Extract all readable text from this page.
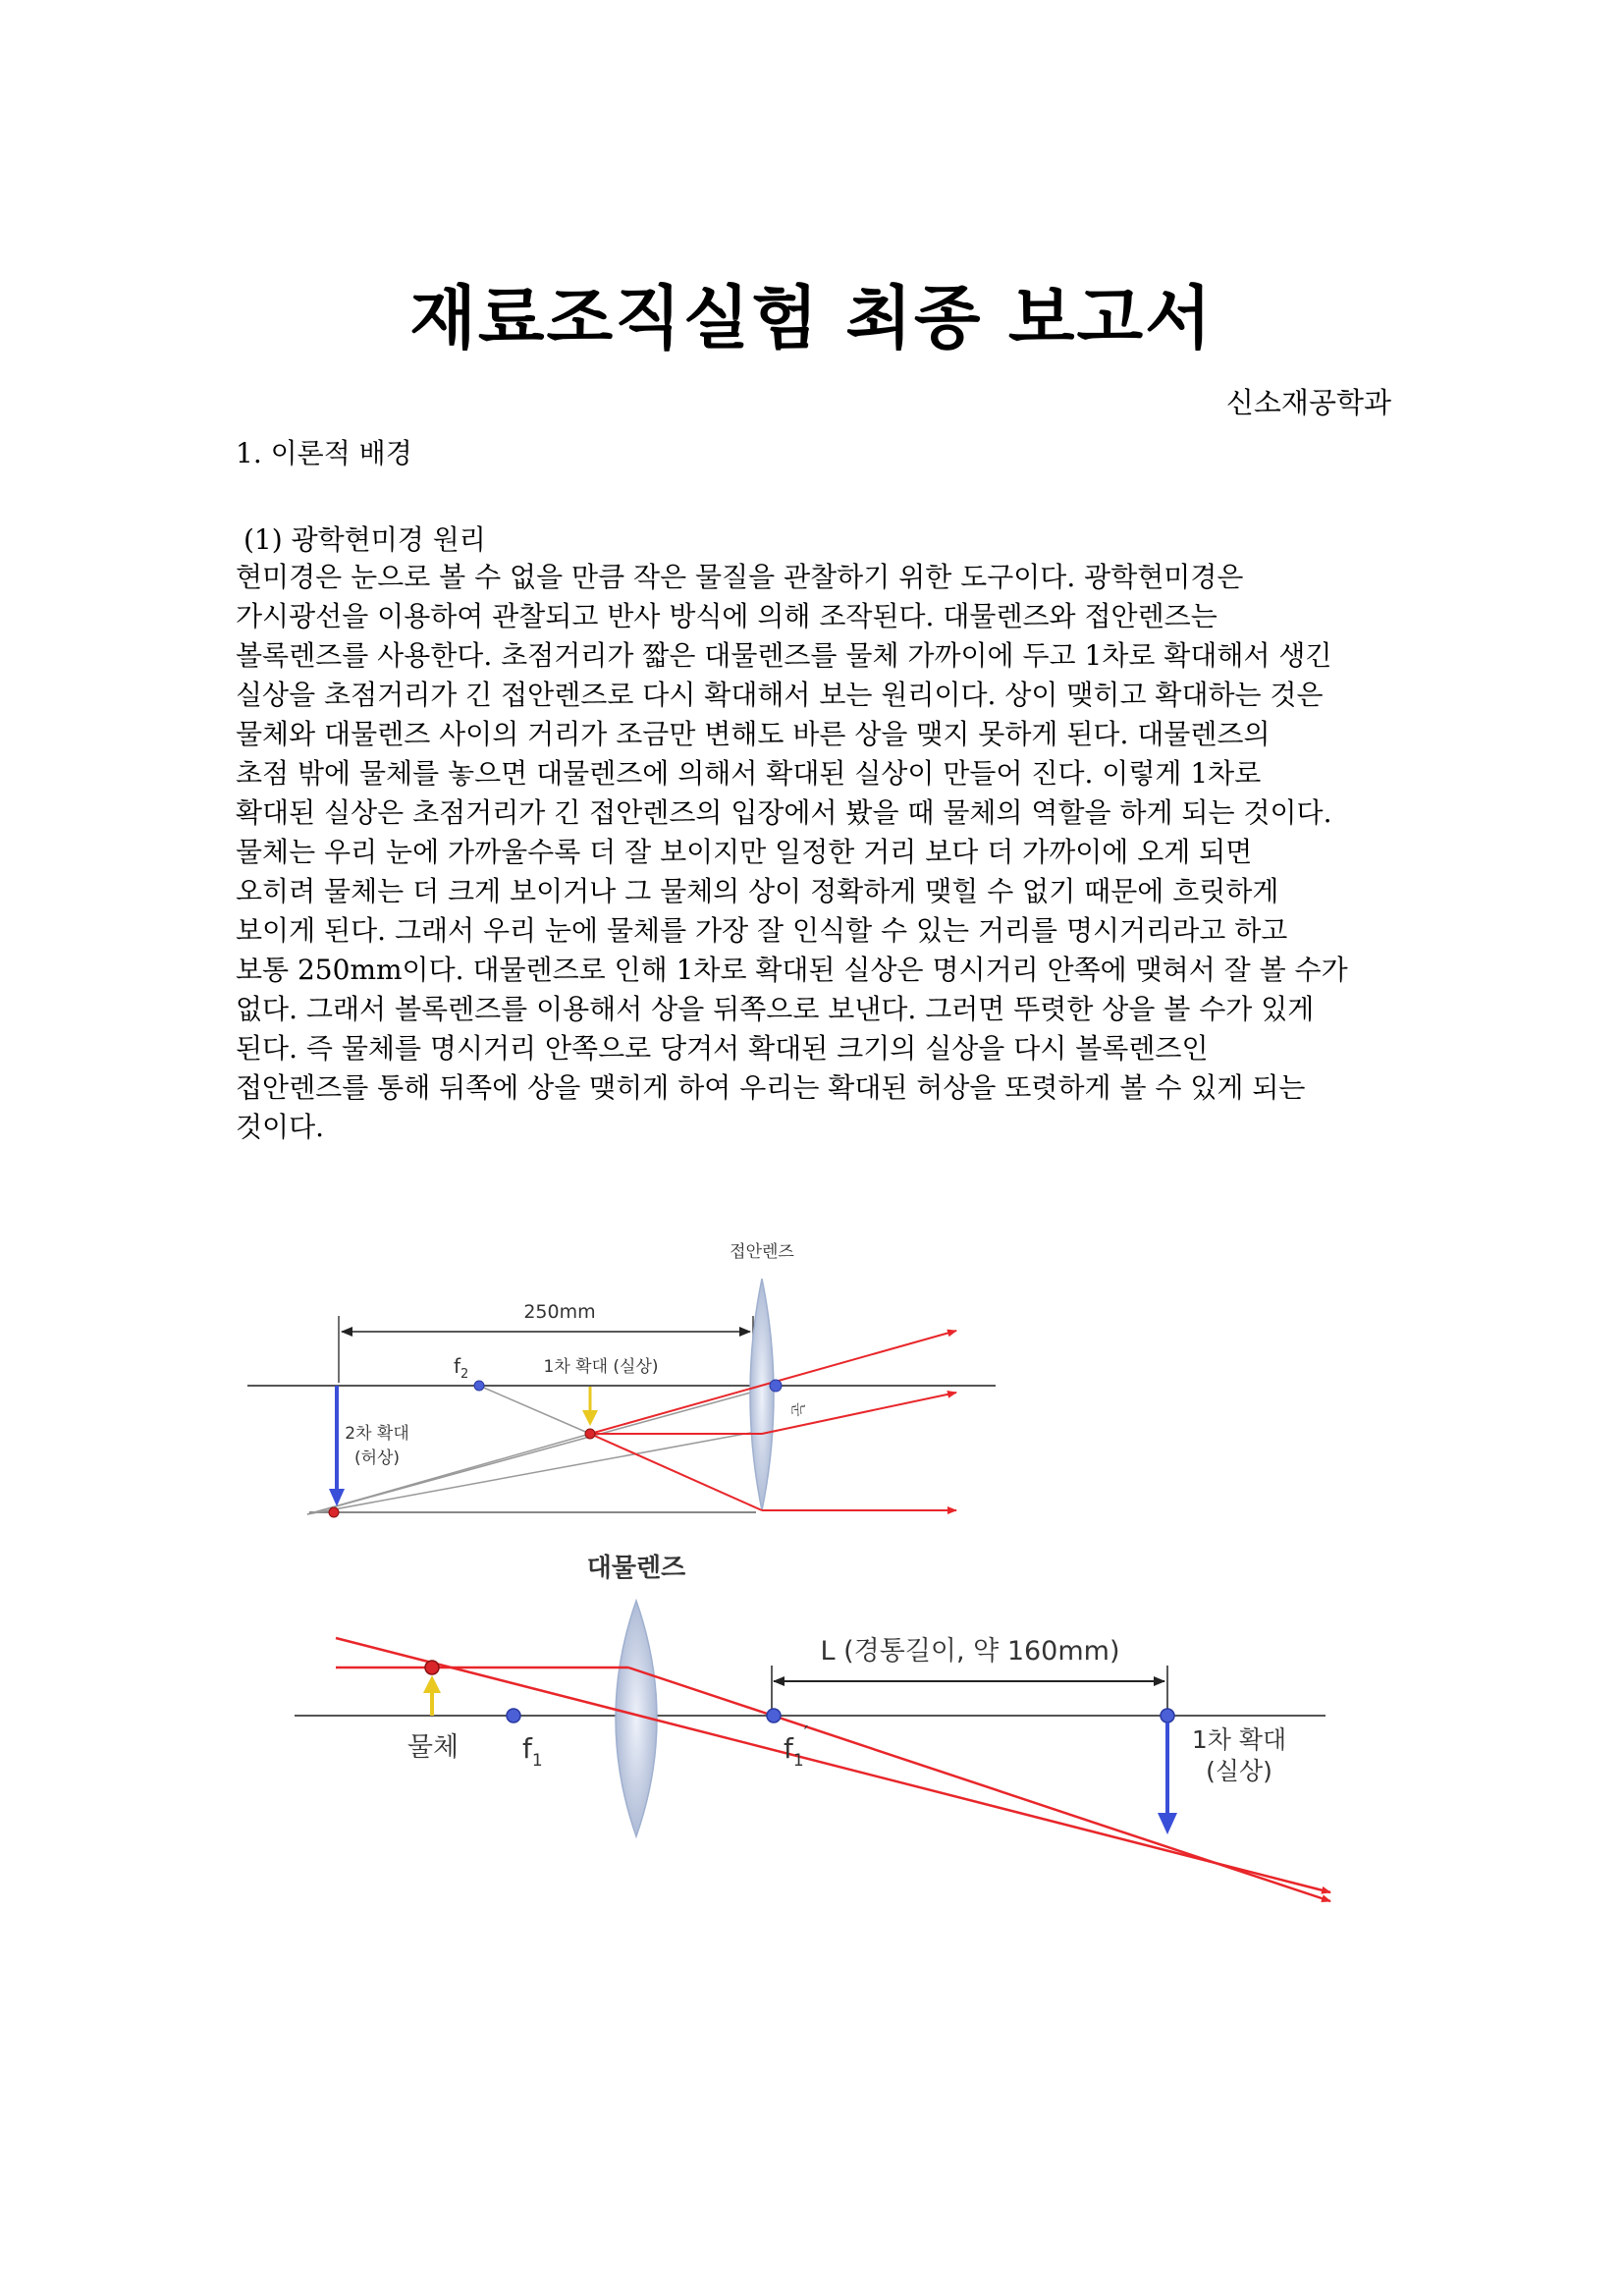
재료조직실험 최종 보고서
신소재공학과
1. 이론적 배경
(1) 광학현미경 원리
현미경은 눈으로 볼 수 없을 만큼 작은 물질을 관찰하기 위한 도구이다. 광학현미경은
가시광선을 이용하여 관찰되고 반사 방식에 의해 조작된다. 대물렌즈와 접안렌즈는
볼록렌즈를 사용한다. 초점거리가 짧은 대물렌즈를 물체 가까이에 두고 1차로 확대해서 생긴
실상을 초점거리가 긴 접안렌즈로 다시 확대해서 보는 원리이다. 상이 맺히고 확대하는 것은
물체와 대물렌즈 사이의 거리가 조금만 변해도 바른 상을 맺지 못하게 된다. 대물렌즈의
초점 밖에 물체를 놓으면 대물렌즈에 의해서 확대된 실상이 만들어 진다. 이렇게 1차로
확대된 실상은 초점거리가 긴 접안렌즈의 입장에서 봤을 때 물체의 역할을 하게 되는 것이다.
물체는 우리 눈에 가까울수록 더 잘 보이지만 일정한 거리 보다 더 가까이에 오게 되면
오히려 물체는 더 크게 보이거나 그 물체의 상이 정확하게 맺힐 수 없기 때문에 흐릿하게
보이게 된다. 그래서 우리 눈에 물체를 가장 잘 인식할 수 있는 거리를 명시거리라고 하고
보통 250mm이다. 대물렌즈로 인해 1차로 확대된 실상은 명시거리 안쪽에 맺혀서 잘 볼 수가
없다. 그래서 볼록렌즈를 이용해서 상을 뒤쪽으로 보낸다. 그러면 뚜렷한 상을 볼 수가 있게
된다. 즉 물체를 명시거리 안쪽으로 당겨서 확대된 크기의 실상을 다시 볼록렌즈인
접안렌즈를 통해 뒤쪽에 상을 맺히게 하여 우리는 확대된 허상을 또렷하게 볼 수 있게 되는
것이다.
접안렌즈
250mm
$f_2$
눈
1차 확대 (실상)
2차 확대
(허상)
대물렌즈
L (경통길이, 약 160mm)
물체 $f_1$	$f_1'$	1차 확대
(실상)
